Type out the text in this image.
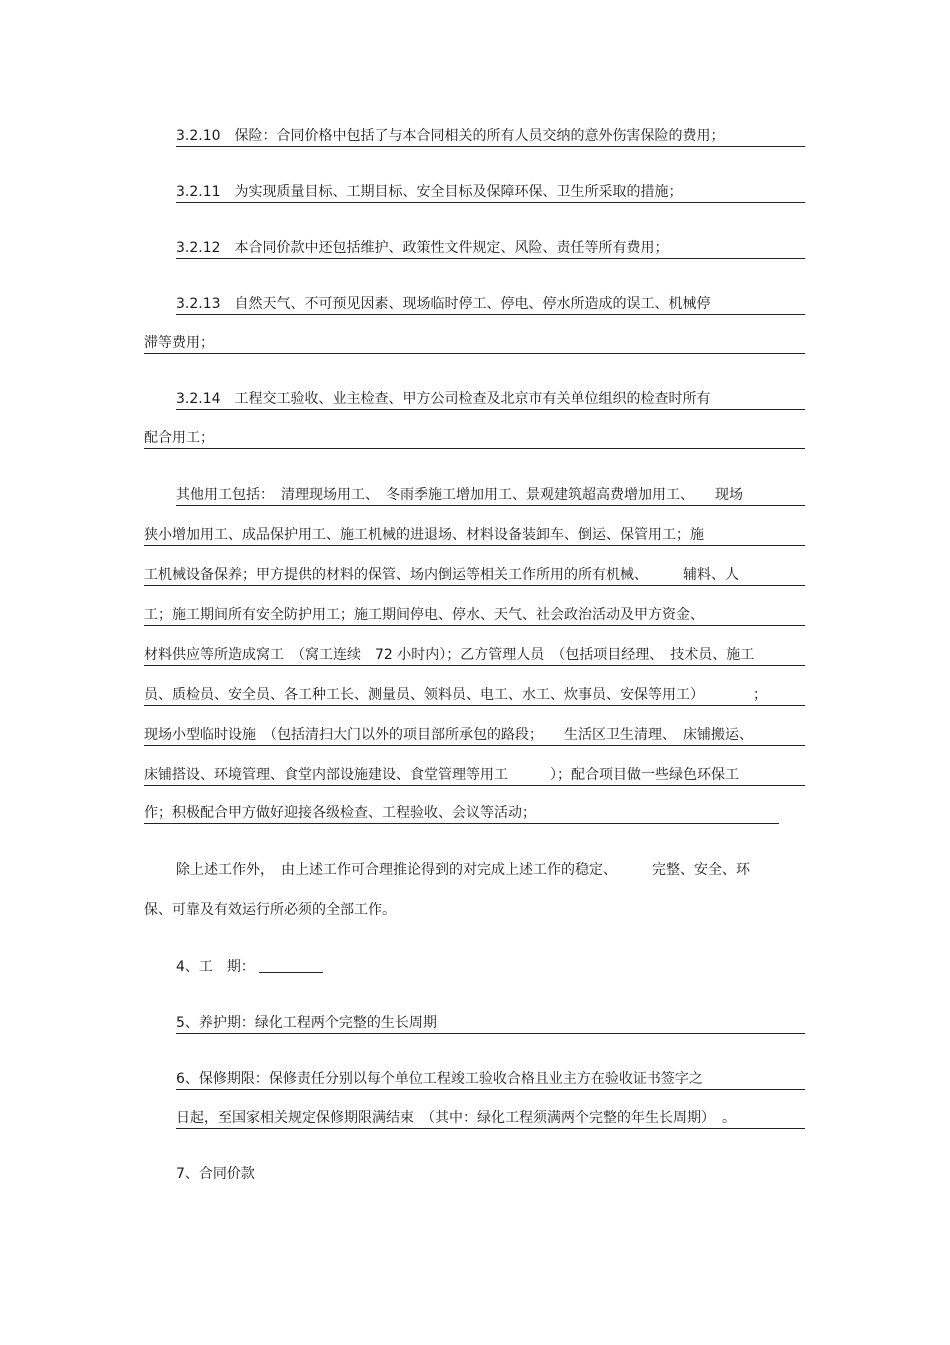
3.2.10　保险：合同价格中包括了与本合同相关的所有人员交纳的意外伤害保险的费用；
3.2.11　为实现质量目标、工期目标、安全目标及保障环保、卫生所采取的措施；
3.2.12　本合同价款中还包括维护、政策性文件规定、风险、责任等所有费用；
3.2.13　自然天气、不可预见因素、现场临时停工、停电、停水所造成的误工、机械停
滞等费用；
3.2.14　工程交工验收、业主检查、甲方公司检查及北京市有关单位组织的检查时所有
配合用工；
其他用工包括：　清理现场用工、　冬雨季施工增加用工、景观建筑超高费增加用工、　　现场
狭小增加用工、成品保护用工、施工机械的进退场、材料设备装卸车、倒运、保管用工；施
工机械设备保养；甲方提供的材料的保管、场内倒运等相关工作所用的所有机械、　　　辅料、人
工；施工期间所有安全防护用工；施工期间停电、停水、天气、社会政治活动及甲方资金、
材料供应等所造成窝工　（窝工连续　72 小时内）；乙方管理人员　（包括项目经理、　技术员、施工
员、质检员、安全员、各工种工长、测量员、领料员、电工、水工、炊事员、安保等用工）　　　　；
现场小型临时设施　（包括清扫大门以外的项目部所承包的路段；　　生活区卫生清理、　床铺搬运、
床铺搭设、环境管理、食堂内部设施建设、食堂管理等用工　　　）；配合项目做一些绿色环保工
作；积极配合甲方做好迎接各级检查、工程验收、会议等活动；
除上述工作外，　由上述工作可合理推论得到的对完成上述工作的稳定、　　　完整、安全、环
保、可靠及有效运行所必须的全部工作。
4、工　期：
5、养护期：绿化工程两个完整的生长周期
6、保修期限：保修责任分别以每个单位工程竣工验收合格且业主方在验收证书签字之
日起，至国家相关规定保修期限满结束　（其中：绿化工程须满两个完整的年生长周期）　。
7、合同价款
